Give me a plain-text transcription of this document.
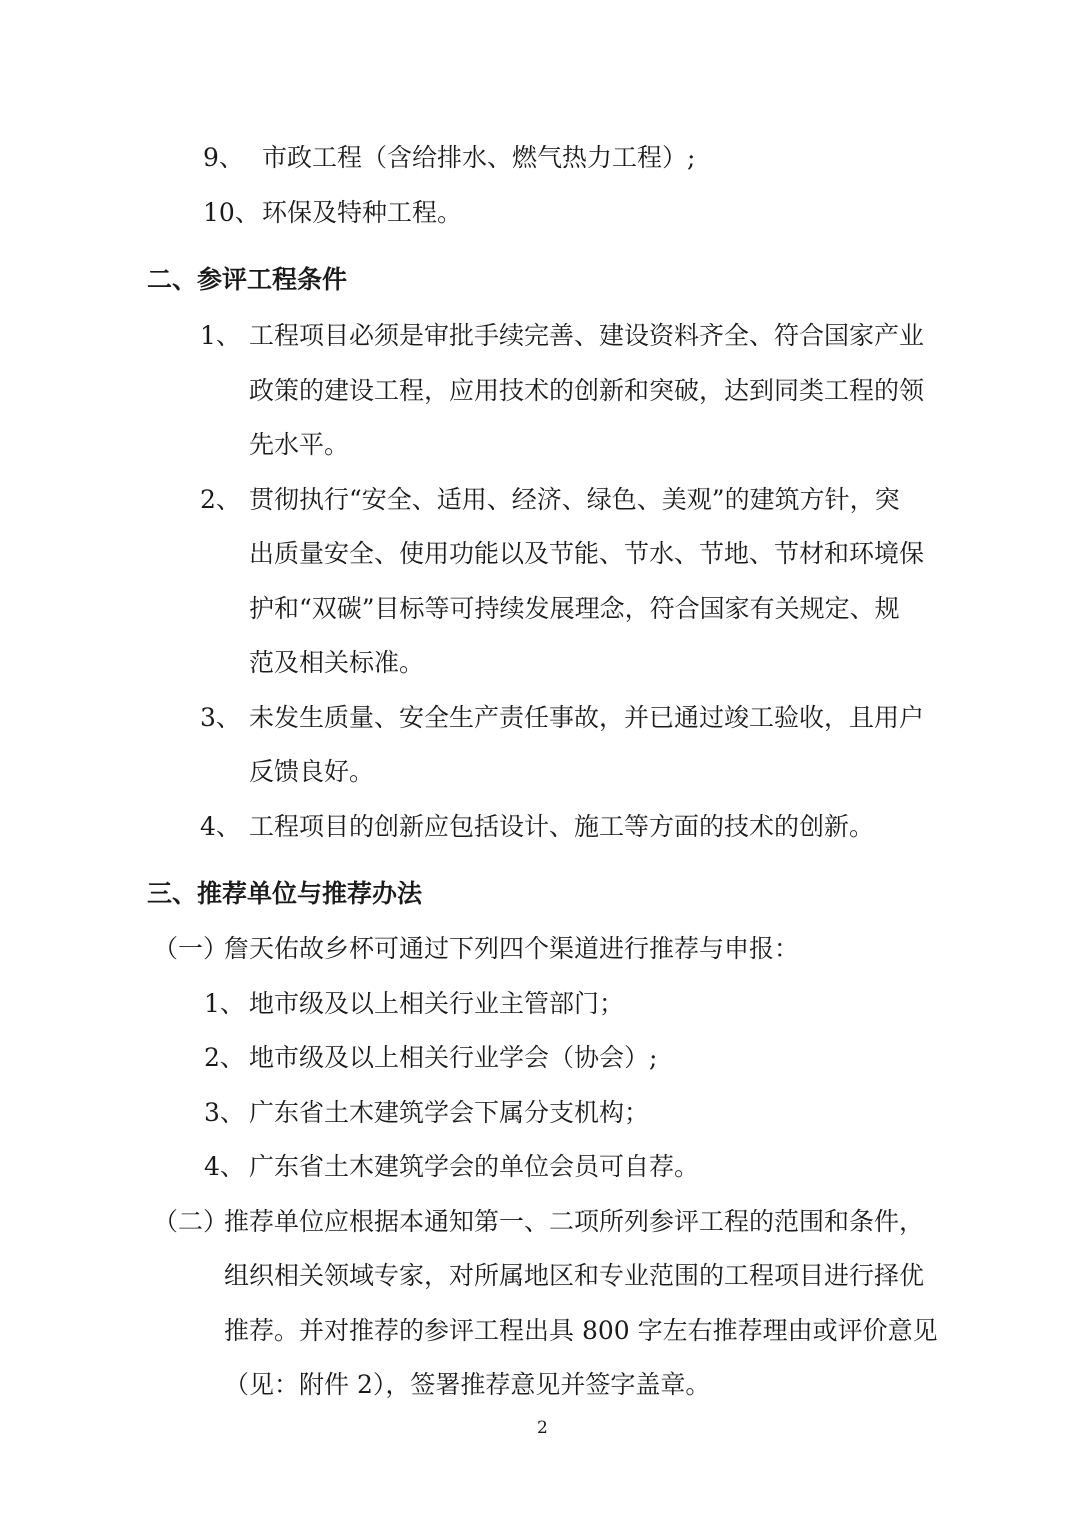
9、 市政工程（含给排水、燃气热力工程）;
10、 环保及特种工程。
二、参评工程条件
1、 工程项目必须是审批手续完善、建设资料齐全、符合国家产业
政策的建设工程，应用技术的创新和突破，达到同类工程的领
先水平。
2、 贯彻执行“安全、适用、经济、绿色、美观”的建筑方针，突
出质量安全、使用功能以及节能、节水、节地、节材和环境保
护和“双碳”目标等可持续发展理念，符合国家有关规定、规
范及相关标准。
3、 未发生质量、安全生产责任事故，并已通过竣工验收，且用户
反馈良好。
4、 工程项目的创新应包括设计、施工等方面的技术的创新。
三、推荐单位与推荐办法
（一）
詹天佑故乡杯可通过下列四个渠道进行推荐与申报：
1、 地市级及以上相关行业主管部门；
2、 地市级及以上相关行业学会（协会）;
3、 广东省土木建筑学会下属分支机构；
4、 广东省土木建筑学会的单位会员可自荐。
（二）
推荐单位应根据本通知第一、二项所列参评工程的范围和条件，
组织相关领域专家，对所属地区和专业范围的工程项目进行择优
推荐。并对推荐的参评工程出具 800 字左右推荐理由或评价意见
（见：附件 2），签署推荐意见并签字盖章。
2
